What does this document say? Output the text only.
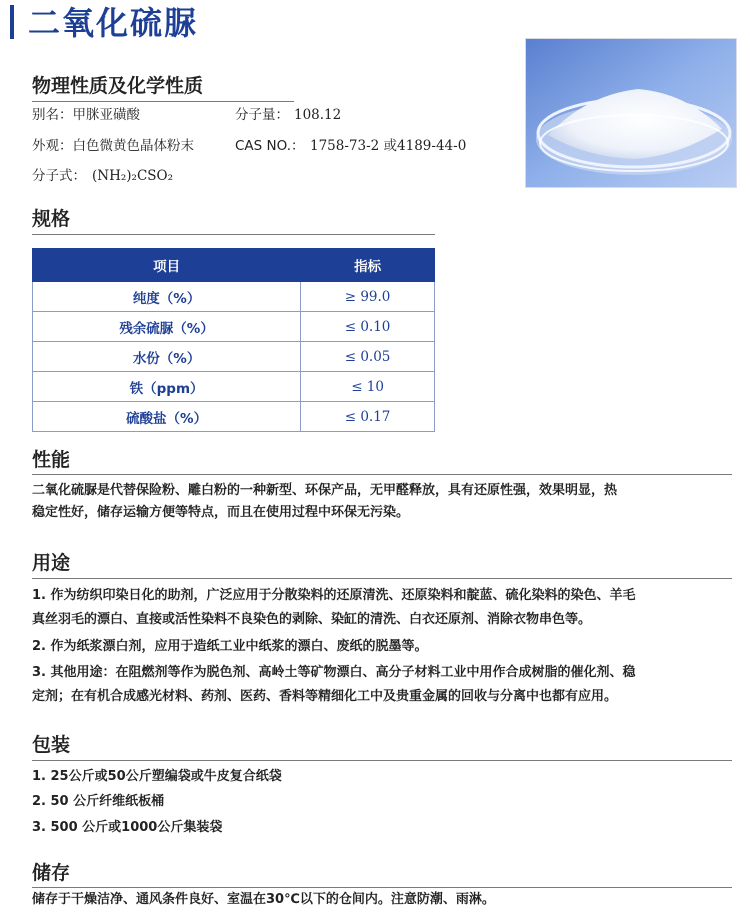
二氧化硫脲
物理性质及化学性质
别名：甲脒亚磺酸	分子量： 108.12
外观：白色微黄色晶体粉末	CAS NO.： 1758-73-2 或4189-44-0
分子式： (NH₂)₂CSO₂
规格
项目	指标
纯度（%）	≥ 99.0
残余硫脲（%）	≤ 0.10
水份（%）	≤ 0.05
铁（ppm）	≤ 10
硫酸盐（%）	≤ 0.17
性能
二氧化硫脲是代替保险粉、雕白粉的一种新型、环保产品，无甲醛释放，具有还原性强，效果明显，热
稳定性好，储存运输方便等特点，而且在使用过程中环保无污染。
用途
1. 作为纺织印染日化的助剂，广泛应用于分散染料的还原清洗、还原染料和靛蓝、硫化染料的染色、羊毛
真丝羽毛的漂白、直接或活性染料不良染色的剥除、染缸的清洗、白衣还原剂、消除衣物串色等。
2. 作为纸浆漂白剂，应用于造纸工业中纸浆的漂白、废纸的脱墨等。
3. 其他用途：在阻燃剂等作为脱色剂、高岭土等矿物漂白、高分子材料工业中用作合成树脂的催化剂、稳
定剂；在有机合成感光材料、药剂、医药、香料等精细化工中及贵重金属的回收与分离中也都有应用。
包装
1. 25公斤或50公斤塑编袋或牛皮复合纸袋
2. 50 公斤纤维纸板桶
3. 500 公斤或1000公斤集装袋
储存
储存于干燥洁净、通风条件良好、室温在30℃以下的仓间内。注意防潮、雨淋。
